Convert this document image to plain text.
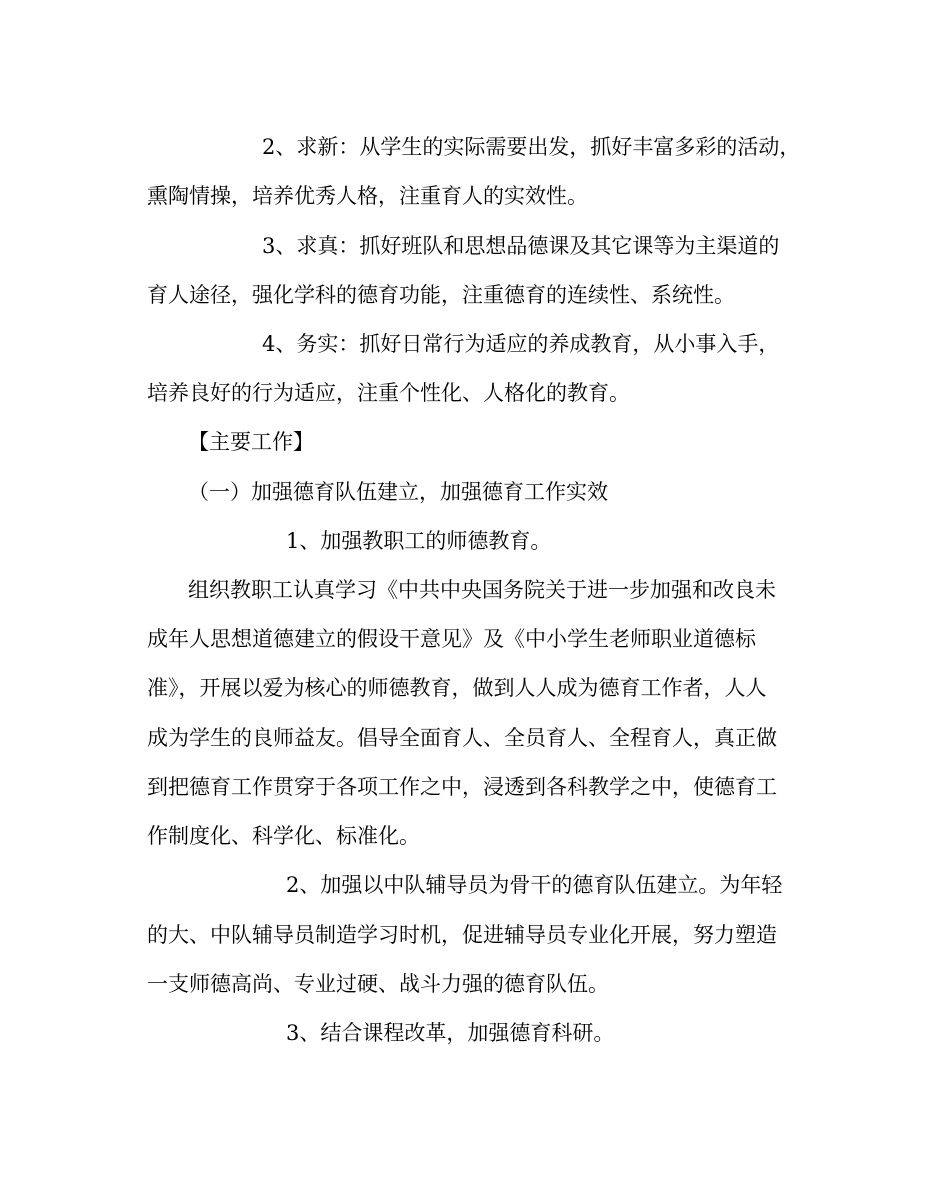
2、求新：从学生的实际需要出发，抓好丰富多彩的活动，
熏陶情操，培养优秀人格，注重育人的实效性。
3、求真：抓好班队和思想品德课及其它课等为主渠道的
育人途径，强化学科的德育功能，注重德育的连续性、系统性。
4、务实：抓好日常行为适应的养成教育，从小事入手，
培养良好的行为适应，注重个性化、人格化的教育。
【主要工作】
（一）加强德育队伍建立，加强德育工作实效
1、加强教职工的师德教育。
组织教职工认真学习《中共中央国务院关于进一步加强和改良未
成年人思想道德建立的假设干意见》及《中小学生老师职业道德标
准》，开展以爱为核心的师德教育，做到人人成为德育工作者，人人
成为学生的良师益友。倡导全面育人、全员育人、全程育人，真正做
到把德育工作贯穿于各项工作之中，浸透到各科教学之中，使德育工
作制度化、科学化、标准化。
2、加强以中队辅导员为骨干的德育队伍建立。为年轻
的大、中队辅导员制造学习时机，促进辅导员专业化开展，努力塑造
一支师德高尚、专业过硬、战斗力强的德育队伍。
3、结合课程改革，加强德育科研。
